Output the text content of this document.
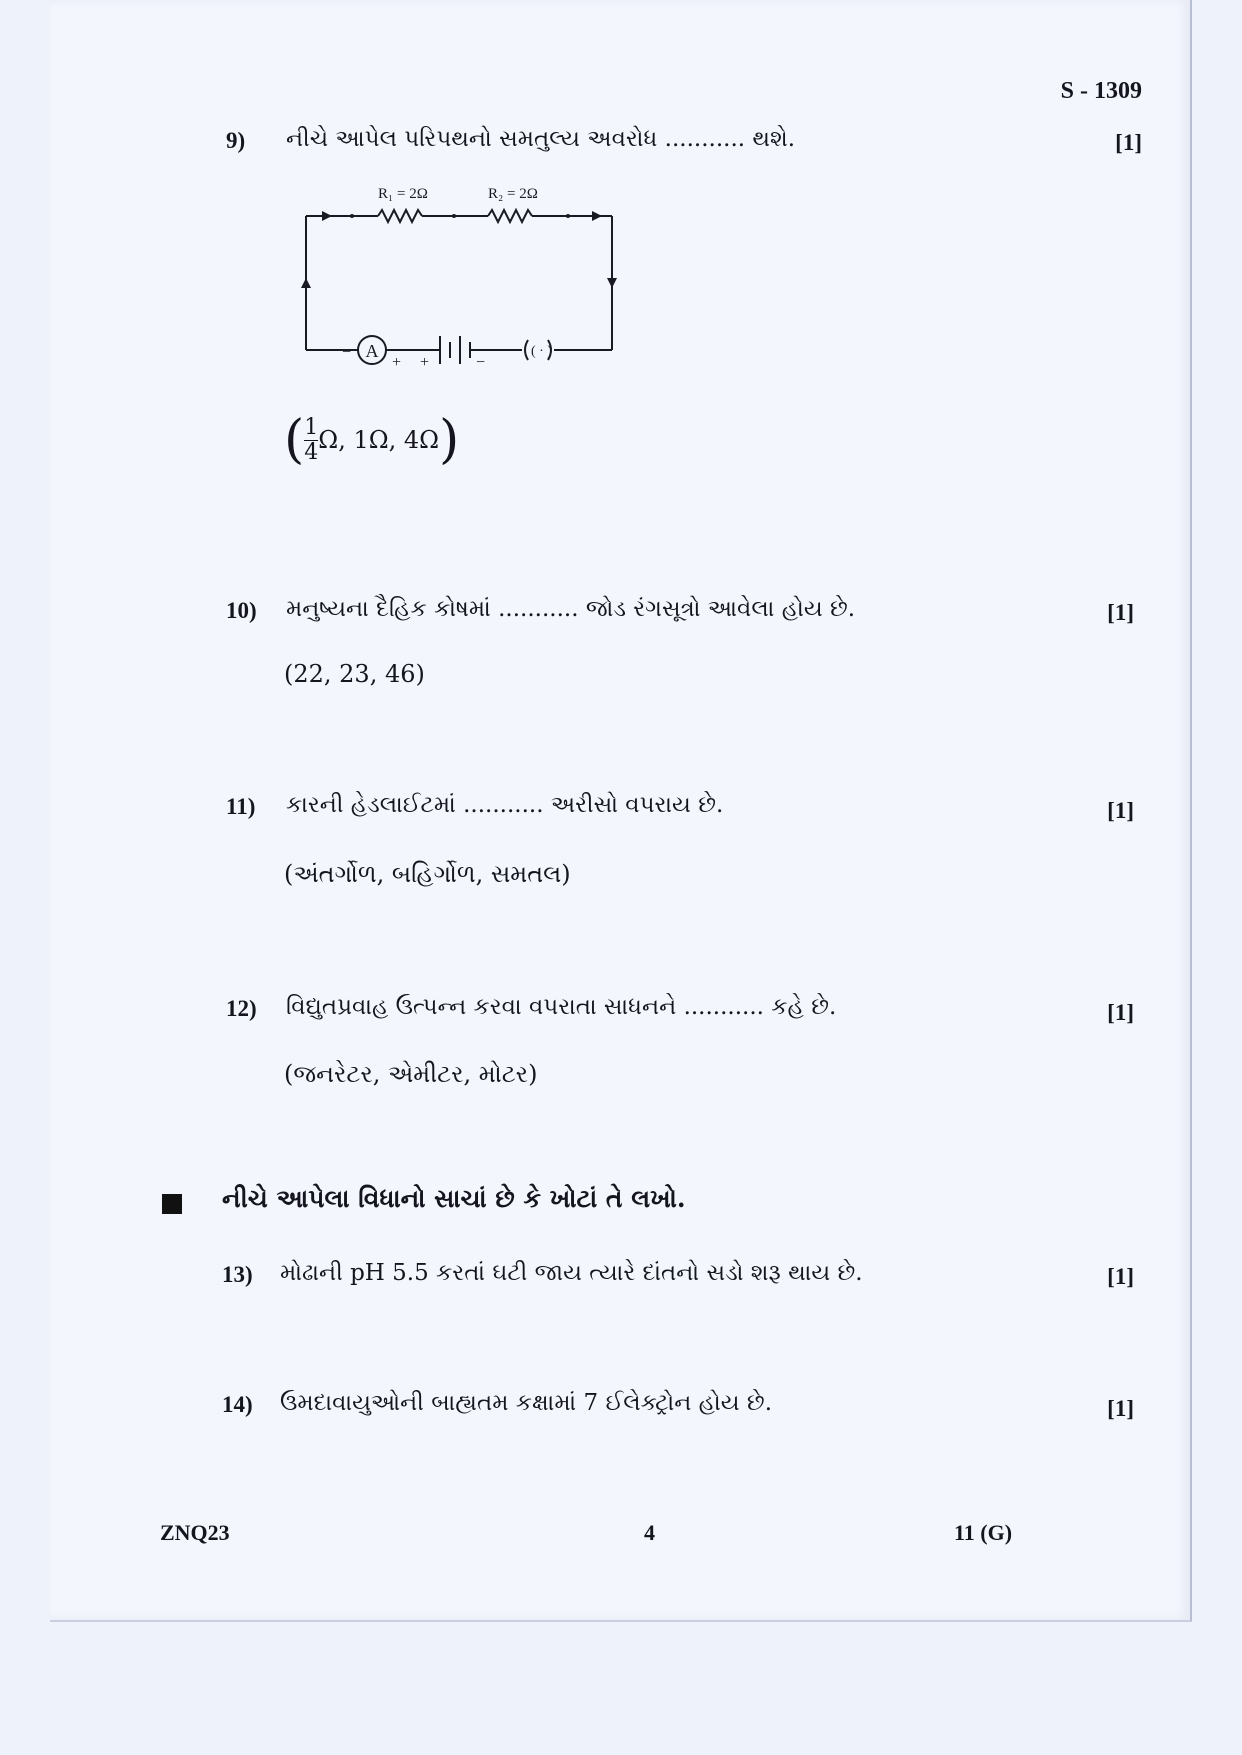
S - 1309
9) નીચે આપેલ પરિપથનો સમતુલ્ય અવરોધ ........... થશે.	[1]
R₁ = 2Ω	R₂ = 2Ω
A
+
−
+	−
( · )
($\frac{1}{4} \Omega$, 1Ω, 4Ω)
10) મનુષ્યના દૈહિક કોષમાં ........... જોડ રંગસૂત્રો આવેલા હોય છે.	[1]
(22, 23, 46)
11) કારની હેડલાઈટમાં ........... અરીસો વપરાય છે.	[1]
(અંતર્ગોળ, બહિર્ગોળ, સમતલ)
12) વિદ્યુતપ્રવાહ ઉત્પન્ન કરવા વપરાતા સાધનને ........... કહે છે.	[1]
(જનરેટર, એમીટર, મોટર)
નીચે આપેલા વિધાનો સાચાં છે કે ખોટાં તે લખો.
13) મોઢાની pH 5.5 કરતાં ઘટી જાય ત્યારે દાંતનો સડો શરૂ થાય છે.	[1]
14) ઉમદાવાયુઓની બાહ્યતમ કક્ષામાં 7 ઈલેક્ટ્રોન હોય છે.	[1]
ZNQ23	4	11 (G)
